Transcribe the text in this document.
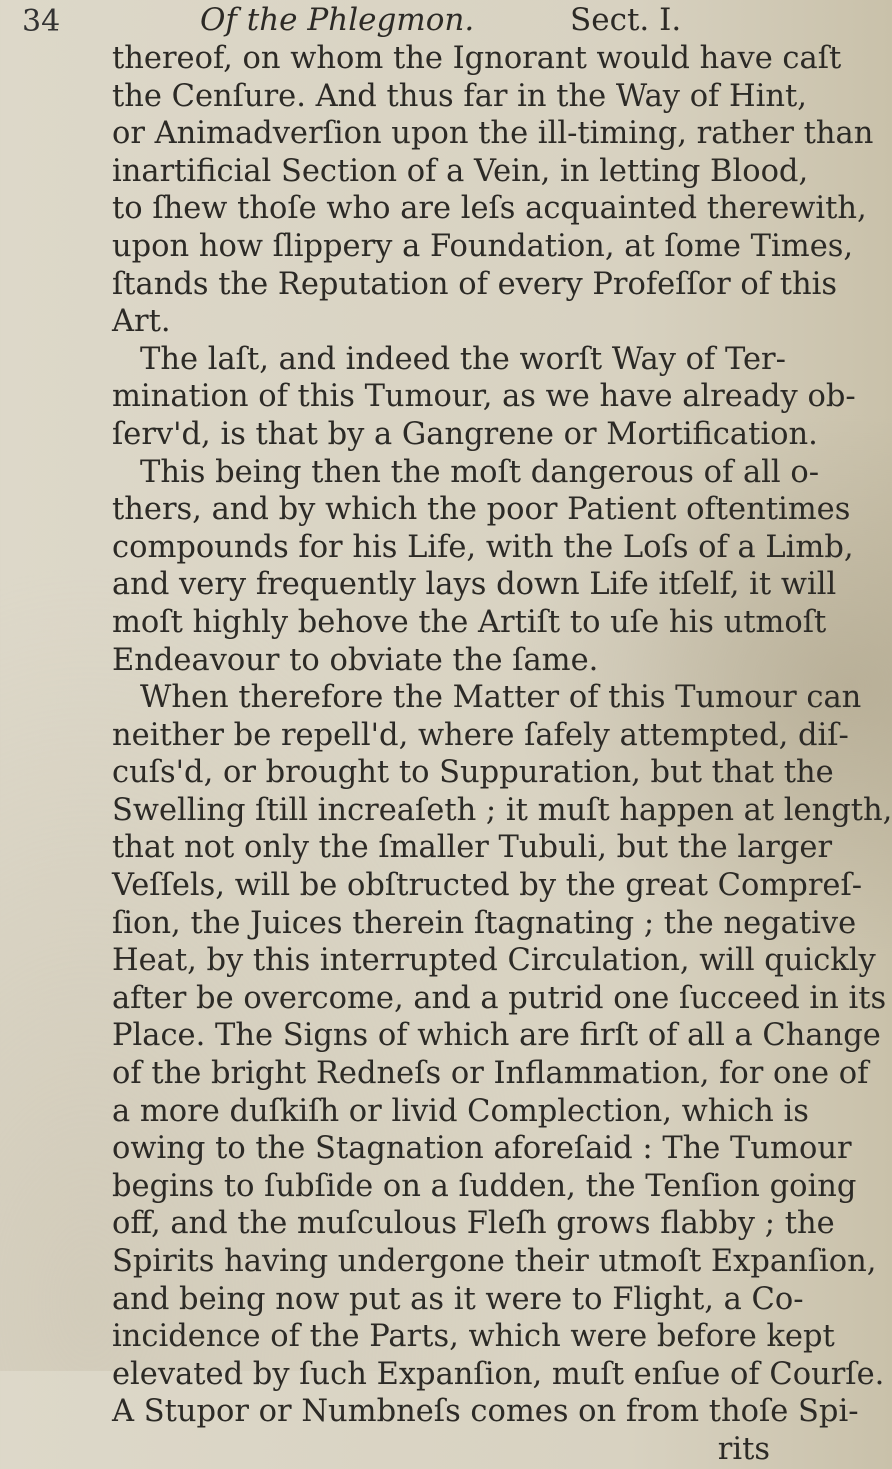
34	Of the Phlegmon.	Sect. I.
thereof, on whom the Ignorant would have caſt
the Cenſure. And thus far in the Way of Hint,
or Animadverſion upon the ill-timing, rather than
inartificial Section of a Vein, in letting Blood,
to ſhew thoſe who are leſs acquainted therewith,
upon how ſlippery a Foundation, at ſome Times,
ſtands the Reputation of every Profeſſor of this
Art.
The laſt, and indeed the worſt Way of Ter-
mination of this Tumour, as we have already ob-
ſerv'd, is that by a Gangrene or Mortification.
This being then the moſt dangerous of all o-
thers, and by which the poor Patient oftentimes
compounds for his Life, with the Loſs of a Limb,
and very frequently lays down Life itſelf, it will
moſt highly behove the Artiſt to uſe his utmoſt
Endeavour to obviate the ſame.
When therefore the Matter of this Tumour can
neither be repell'd, where ſafely attempted, diſ-
cuſs'd, or brought to Suppuration, but that the
Swelling ſtill increaſeth ; it muſt happen at length,
that not only the ſmaller Tubuli, but the larger
Veſſels, will be obſtructed by the great Compreſ-
ſion, the Juices therein ſtagnating ; the negative
Heat, by this interrupted Circulation, will quickly
after be overcome, and a putrid one ſucceed in its
Place. The Signs of which are firſt of all a Change
of the bright Redneſs or Inflammation, for one of
a more duſkiſh or livid Complection, which is
owing to the Stagnation aforeſaid : The Tumour
begins to ſubſide on a ſudden, the Tenſion going
off, and the muſculous Fleſh grows flabby ; the
Spirits having undergone their utmoſt Expanſion,
and being now put as it were to Flight, a Co-
incidence of the Parts, which were before kept
elevated by ſuch Expanſion, muſt enſue of Courſe.
A Stupor or Numbneſs comes on from thoſe Spi-
rits
